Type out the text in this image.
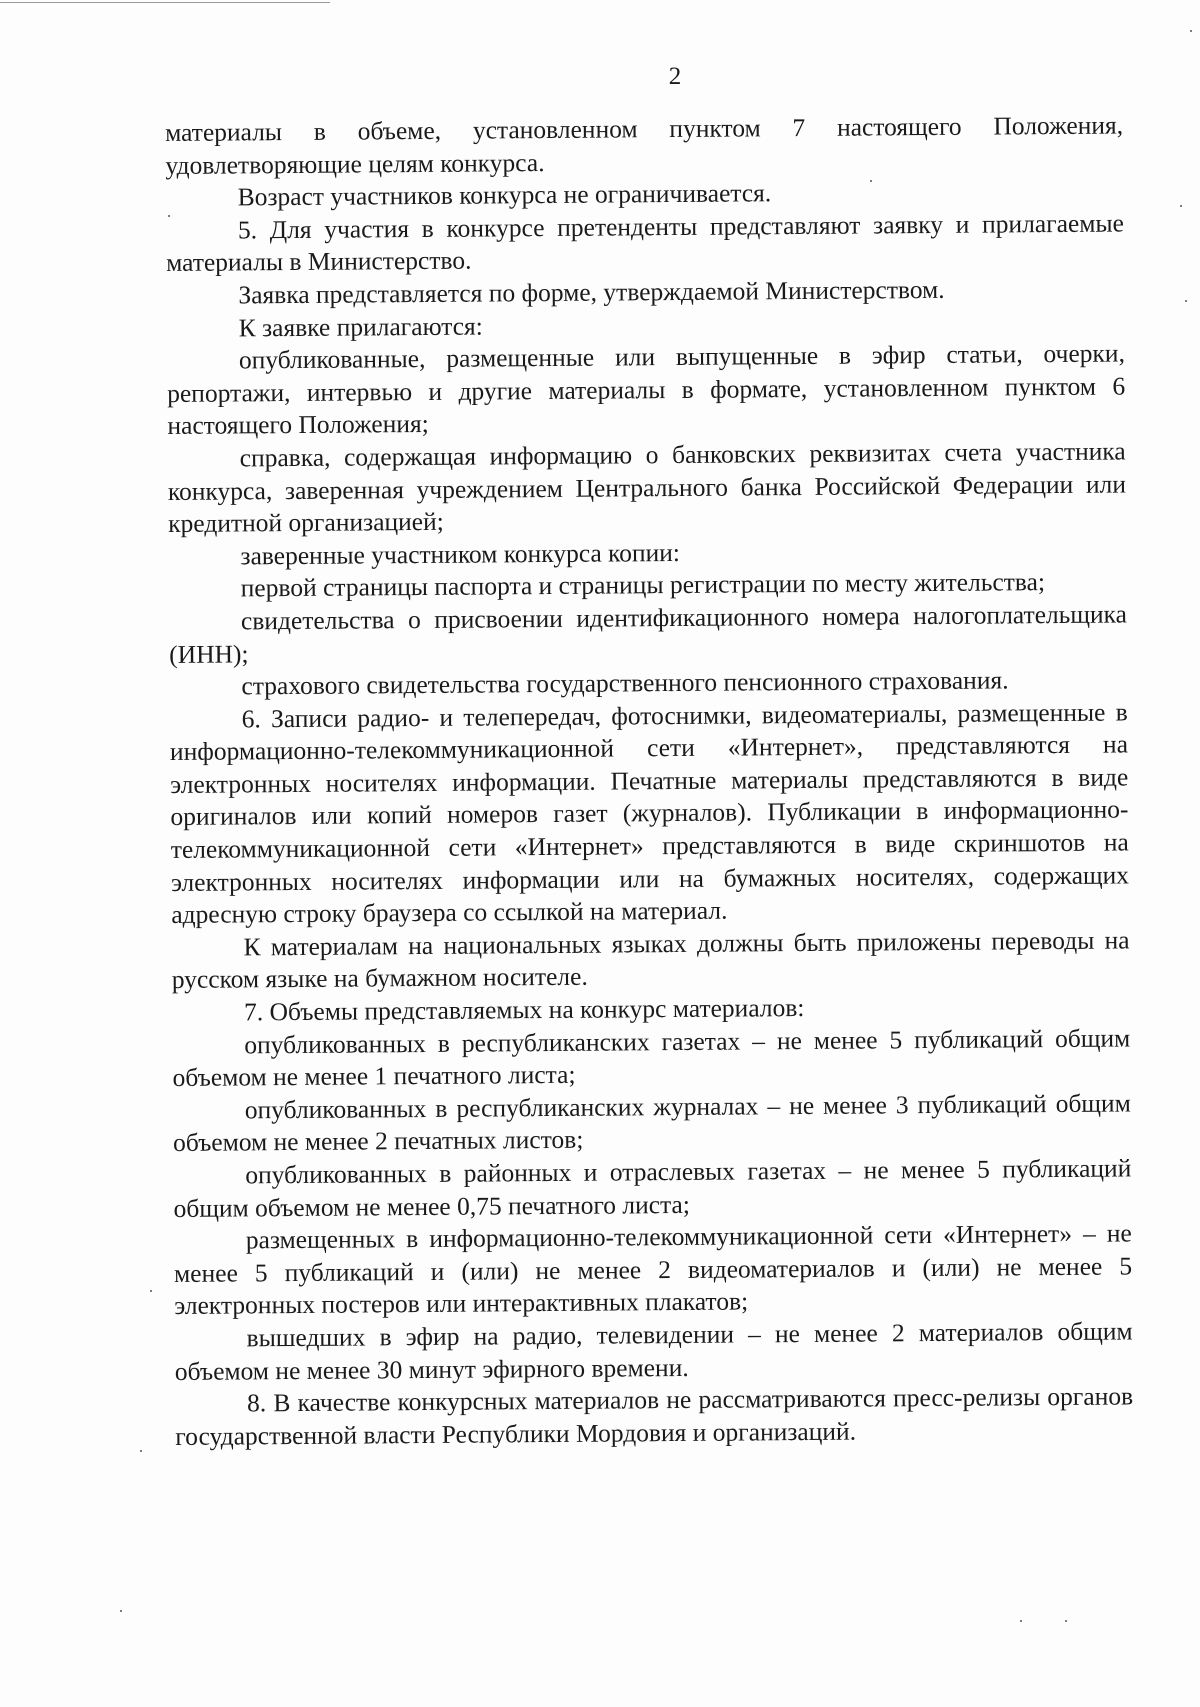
2

материалы в объеме, установленном пунктом 7 настоящего Положения, удовлетворяющие целям конкурса.

Возраст участников конкурса не ограничивается.

5. Для участия в конкурсе претенденты представляют заявку и прилагаемые материалы в Министерство.

Заявка представляется по форме, утверждаемой Министерством.

К заявке прилагаются:

опубликованные, размещенные или выпущенные в эфир статьи, очерки, репортажи, интервью и другие материалы в формате, установленном пунктом 6 настоящего Положения;

справка, содержащая информацию о банковских реквизитах счета участника конкурса, заверенная учреждением Центрального банка Российской Федерации или кредитной организацией;

заверенные участником конкурса копии:

первой страницы паспорта и страницы регистрации по месту жительства;

свидетельства о присвоении идентификационного номера налогоплательщика (ИНН);

страхового свидетельства государственного пенсионного страхования.

6. Записи радио- и телепередач, фотоснимки, видеоматериалы, размещенные в информационно-телекоммуникационной сети «Интернет», представляются на электронных носителях информации. Печатные материалы представляются в виде оригиналов или копий номеров газет (журналов). Публикации в информационно-телекоммуникационной сети «Интернет» представляются в виде скриншотов на электронных носителях информации или на бумажных носителях, содержащих адресную строку браузера со ссылкой на материал.

К материалам на национальных языках должны быть приложены переводы на русском языке на бумажном носителе.

7. Объемы представляемых на конкурс материалов:

опубликованных в республиканских газетах – не менее 5 публикаций общим объемом не менее 1 печатного листа;

опубликованных в республиканских журналах – не менее 3 публикаций общим объемом не менее 2 печатных листов;

опубликованных в районных и отраслевых газетах – не менее 5 публикаций общим объемом не менее 0,75 печатного листа;

размещенных в информационно-телекоммуникационной сети «Интернет» – не менее 5 публикаций и (или) не менее 2 видеоматериалов и (или) не менее 5 электронных постеров или интерактивных плакатов;

вышедших в эфир на радио, телевидении – не менее 2 материалов общим объемом не менее 30 минут эфирного времени.

8. В качестве конкурсных материалов не рассматриваются пресс-релизы органов государственной власти Республики Мордовия и организаций.
